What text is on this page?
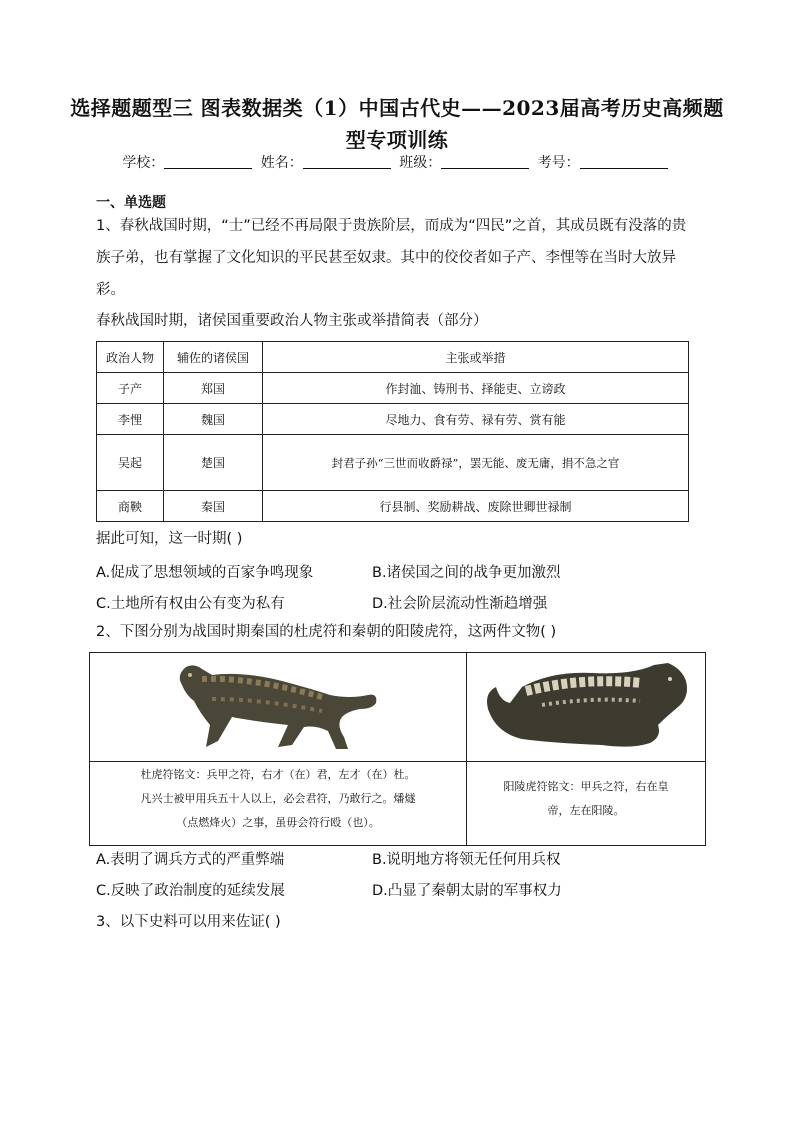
选择题题型三 图表数据类（1）中国古代史——2023届高考历史高频题型专项训练
学校：	姓名：	班级：	考号：
一、单选题
1、春秋战国时期，“士”已经不再局限于贵族阶层，而成为“四民”之首，其成员既有没落的贵族子弟，也有掌握了文化知识的平民甚至奴隶。其中的佼佼者如子产、李悝等在当时大放异彩。
春秋战国时期，诸侯国重要政治人物主张或举措简表（部分）
政治人物	辅佐的诸侯国	主张或举措
子产	郑国	作封洫、铸刑书、择能吏、立谤政
李悝	魏国	尽地力、食有劳、禄有劳、赏有能
吴起	楚国	封君子孙“三世而收爵禄”，罢无能、废无庸，捐不急之官
商鞅	秦国	行县制、奖励耕战、废除世卿世禄制
据此可知，这一时期( )
A.促成了思想领域的百家争鸣现象	B.诸侯国之间的战争更加激烈
C.土地所有权由公有变为私有	D.社会阶层流动性渐趋增强
2、下图分别为战国时期秦国的杜虎符和秦朝的阳陵虎符，这两件文物( )
杜虎符铭文：兵甲之符，右才（在）君，左才（在）杜。
凡兴士被甲用兵五十人以上，必会君符，乃敢行之。燔燧
（点燃烽火）之事，虽毋会符行殴（也）。
阳陵虎符铭文：甲兵之符，右在皇
帝，左在阳陵。
A.表明了调兵方式的严重弊端	B.说明地方将领无任何用兵权
C.反映了政治制度的延续发展	D.凸显了秦朝太尉的军事权力
3、以下史料可以用来佐证( )
